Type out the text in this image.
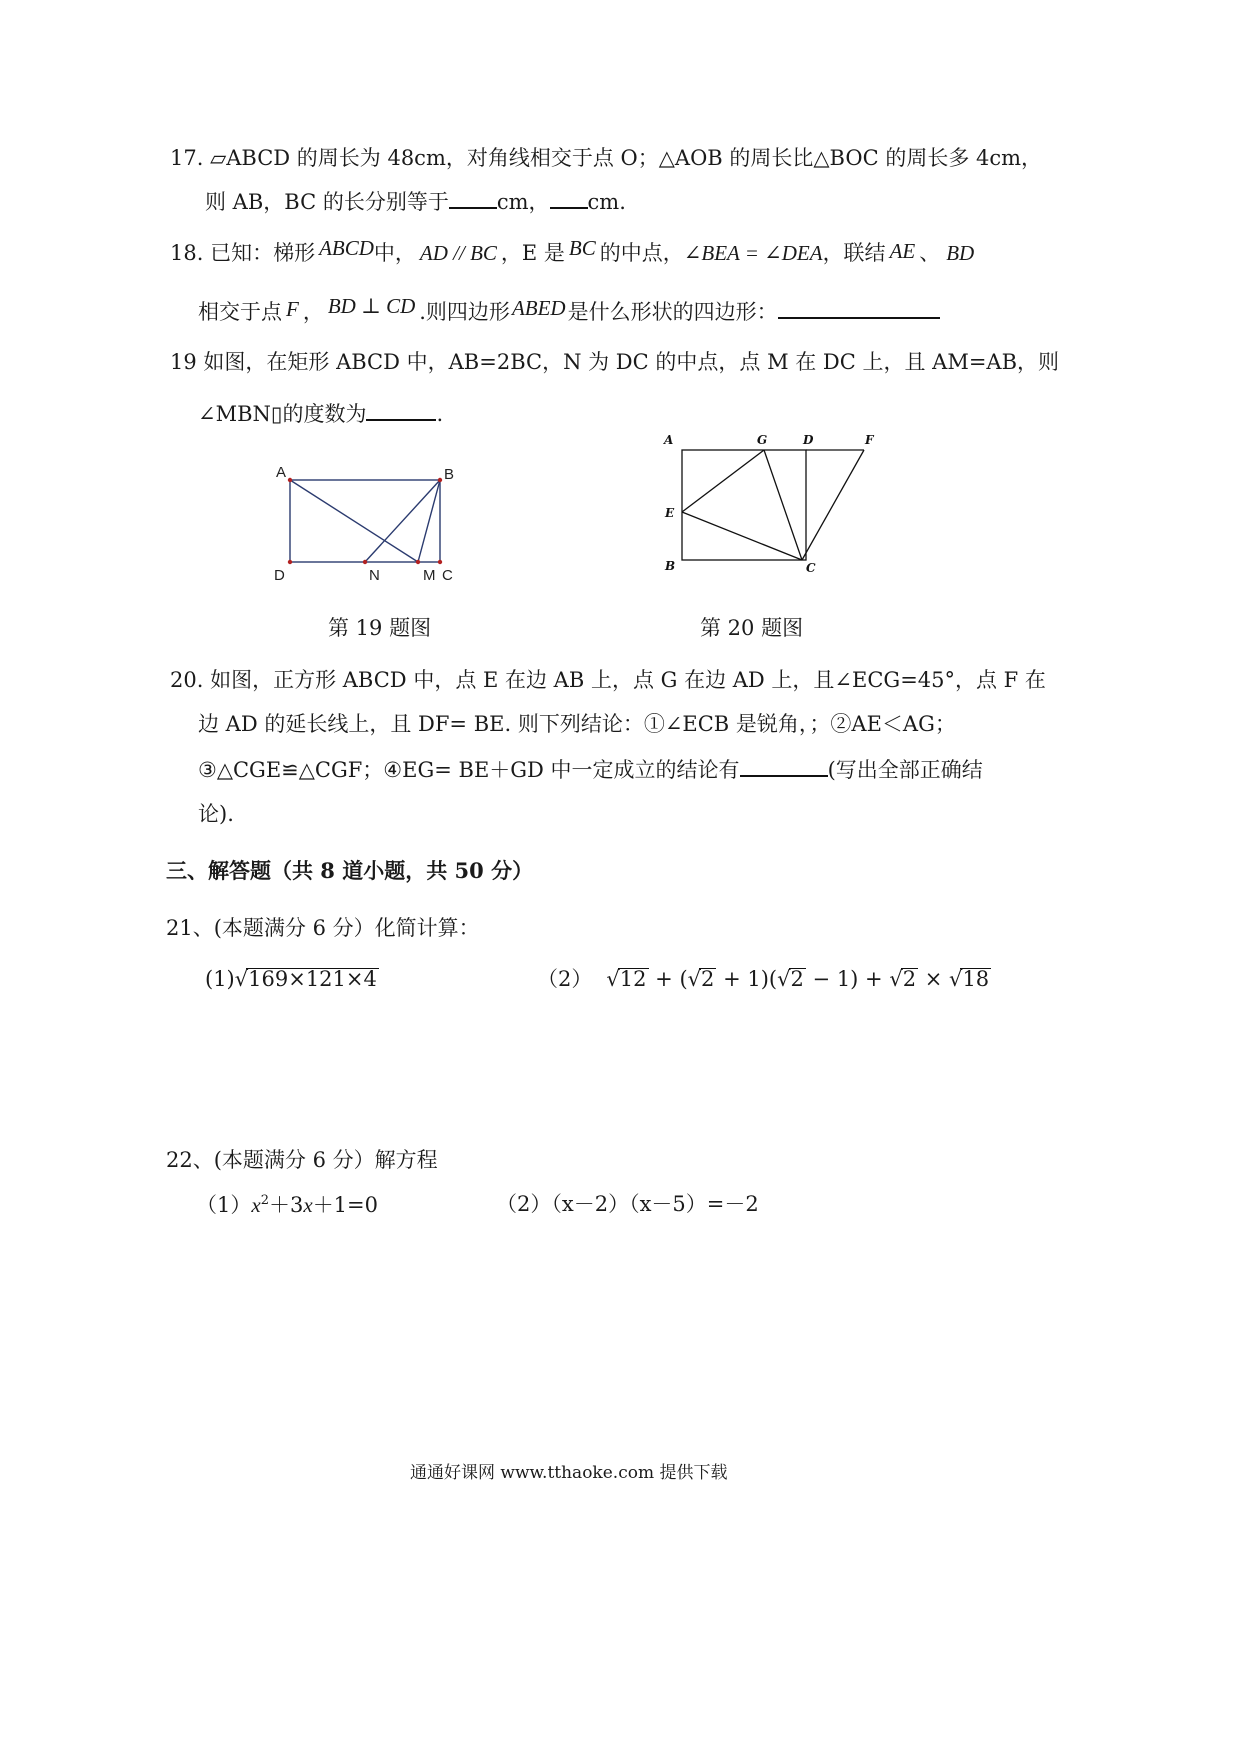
17. ▱ABCD 的周长为 48cm，对角线相交于点 O；△AOB 的周长比△BOC 的周长多 4cm，
则 AB，BC 的长分别等于 cm， cm.
18. 已知：梯形 ABCD中， AD // BC ，E 是 BC 的中点，∠BEA = ∠DEA，联结 AE 、 BD
相交于点 F ， BD ⊥ CD .则四边形ABED是什么形状的四边形：
19 如图，在矩形 ABCD 中，AB=2BC，N 为 DC 的中点，点 M 在 DC 上，且 AM=AB，则
∠MBN▯的度数为	.
A	B
D	N	M C
第 19 题图
A	G	D	F
E
B	C
第 20 题图
20. 如图，正方形 ABCD 中，点 E 在边 AB 上，点 G 在边 AD 上，且∠ECG=45°，点 F 在
边 AD 的延长线上，且 DF= BE. 则下列结论：①∠ECB 是锐角，；②AE＜AG；
③△CGE≌△CGF；④EG= BE＋GD 中一定成立的结论有	(写出全部正确结
论).
三、解答题（共 8 道小题，共 50 分）
21、(本题满分 6 分）化简计算：
(1)√169×121×4	（2） √12 + (√2 + 1)(√2 − 1) + √2 × √18
22、(本题满分 6 分）解方程
$(1)x^2+3x+1=0$	（2）（x－2）（x－5）=－2
通通好课网 www.tthaoke.com 提供下载
